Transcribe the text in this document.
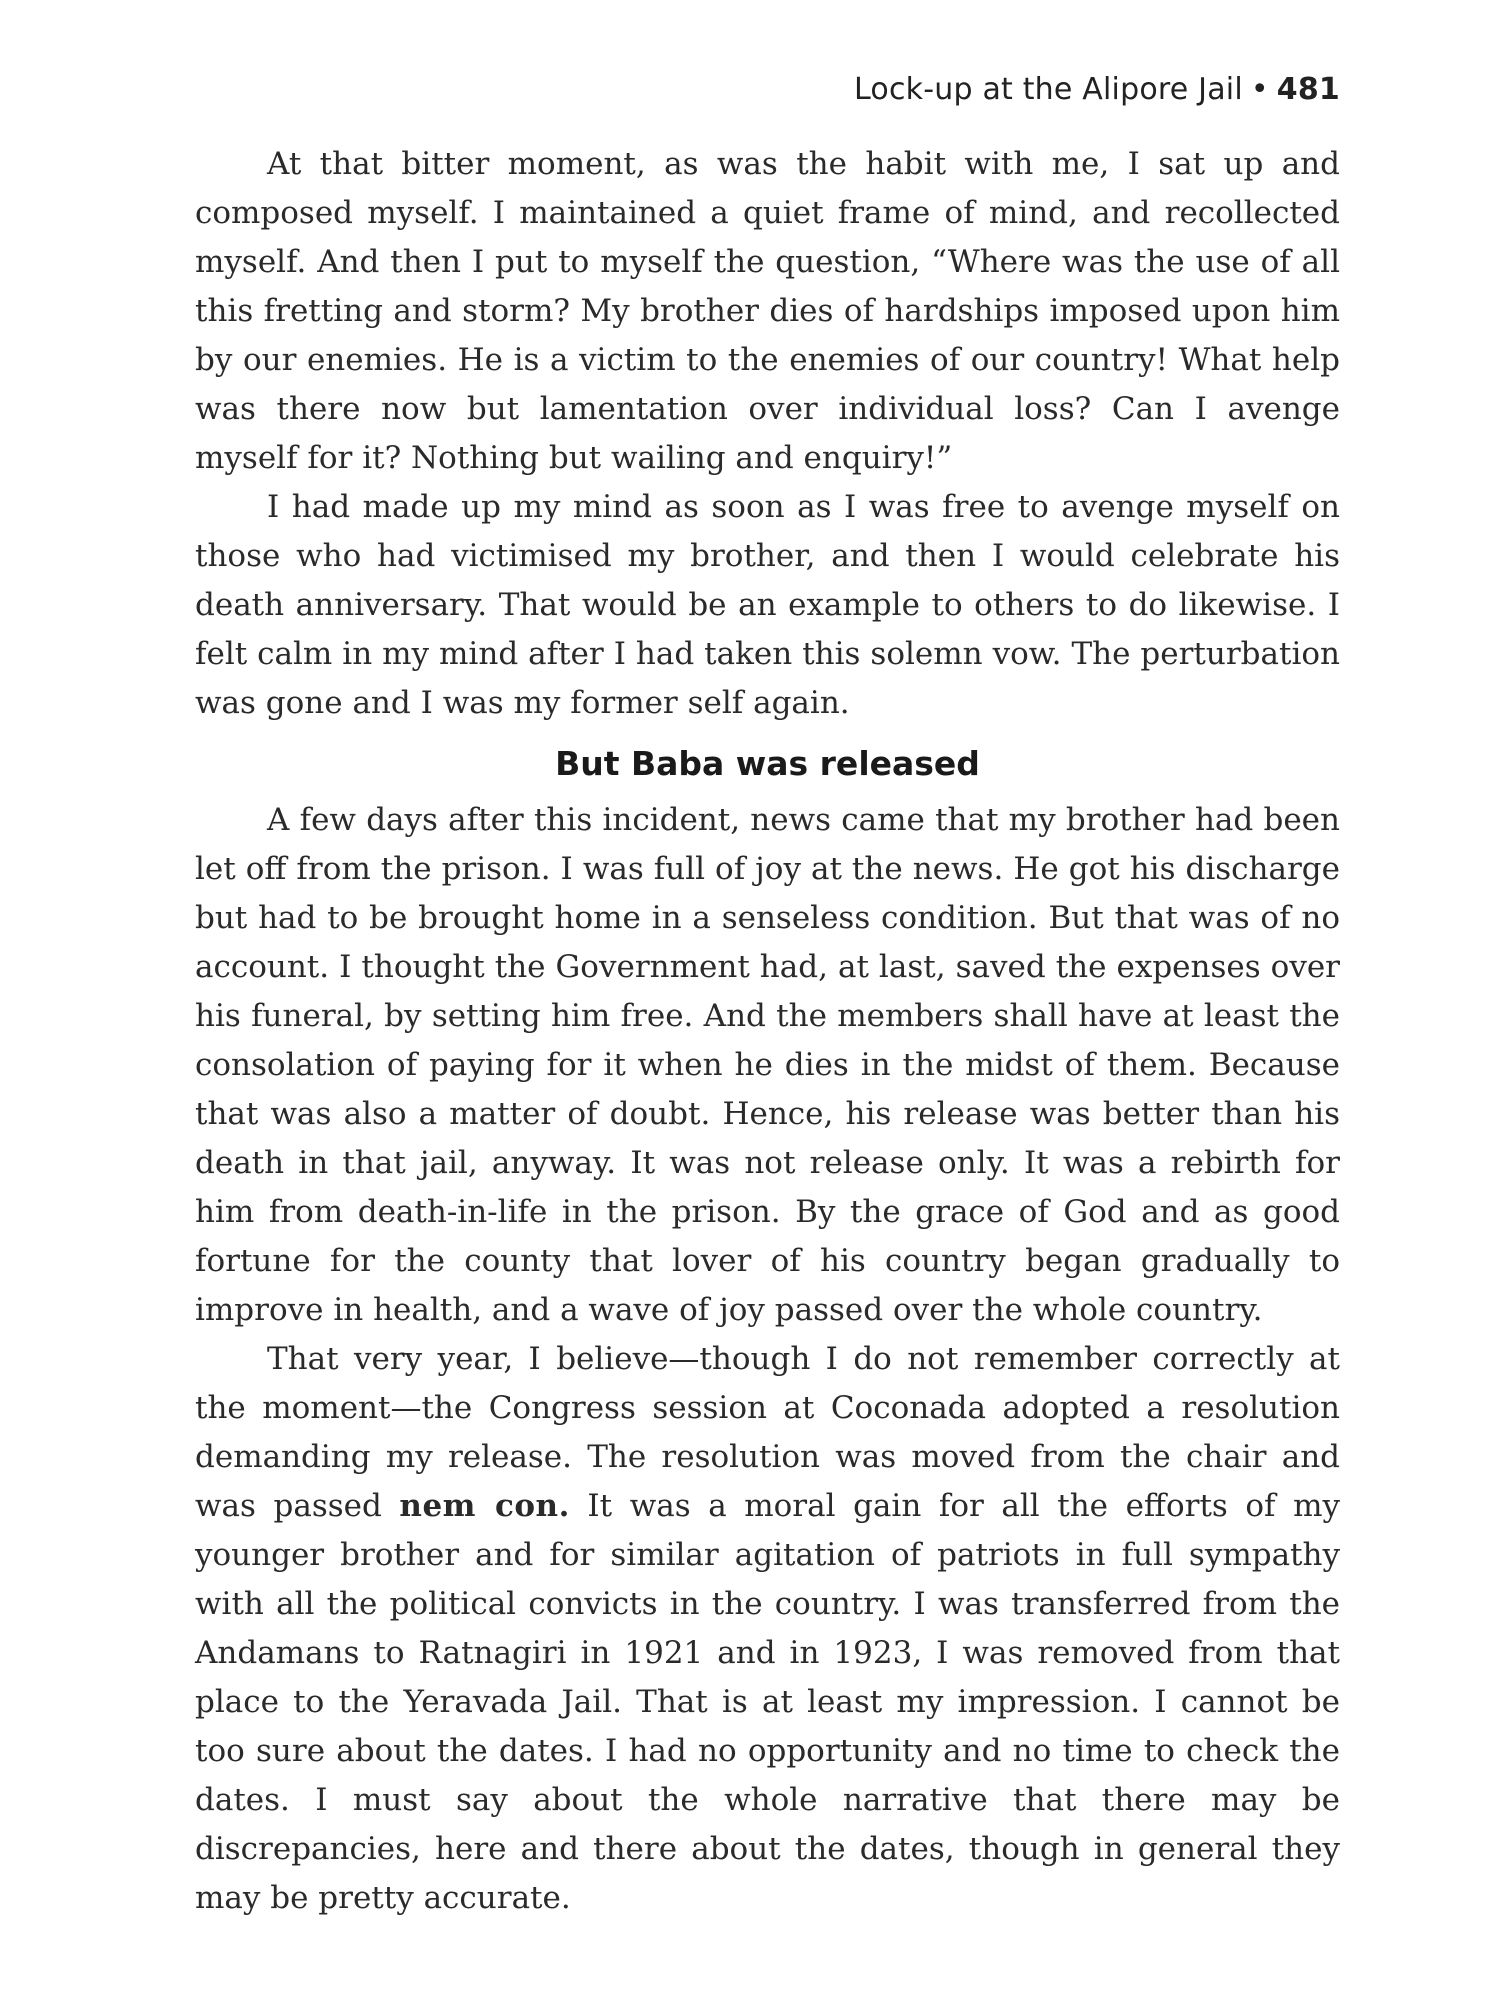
Lock-up at the Alipore Jail • 481

At that bitter moment, as was the habit with me, I sat up and composed myself. I maintained a quiet frame of mind, and recollected myself. And then I put to myself the question, “Where was the use of all this fretting and storm? My brother dies of hardships imposed upon him by our enemies. He is a victim to the enemies of our country! What help was there now but lamentation over individual loss? Can I avenge myself for it? Nothing but wailing and enquiry!”

I had made up my mind as soon as I was free to avenge myself on those who had victimised my brother, and then I would celebrate his death anniversary. That would be an example to others to do likewise. I felt calm in my mind after I had taken this solemn vow. The perturbation was gone and I was my former self again.

But Baba was released

A few days after this incident, news came that my brother had been let off from the prison. I was full of joy at the news. He got his discharge but had to be brought home in a senseless condition. But that was of no account. I thought the Government had, at last, saved the expenses over his funeral, by setting him free. And the members shall have at least the consolation of paying for it when he dies in the midst of them. Because that was also a matter of doubt. Hence, his release was better than his death in that jail, anyway. It was not release only. It was a rebirth for him from death-in-life in the prison. By the grace of God and as good fortune for the county that lover of his country began gradually to improve in health, and a wave of joy passed over the whole country.

That very year, I believe—though I do not remember correctly at the moment—the Congress session at Coconada adopted a resolution demanding my release. The resolution was moved from the chair and was passed nem con. It was a moral gain for all the efforts of my younger brother and for similar agitation of patriots in full sympathy with all the political convicts in the country. I was transferred from the Andamans to Ratnagiri in 1921 and in 1923, I was removed from that place to the Yeravada Jail. That is at least my impression. I cannot be too sure about the dates. I had no opportunity and no time to check the dates. I must say about the whole narrative that there may be discrepancies, here and there about the dates, though in general they may be pretty accurate.
